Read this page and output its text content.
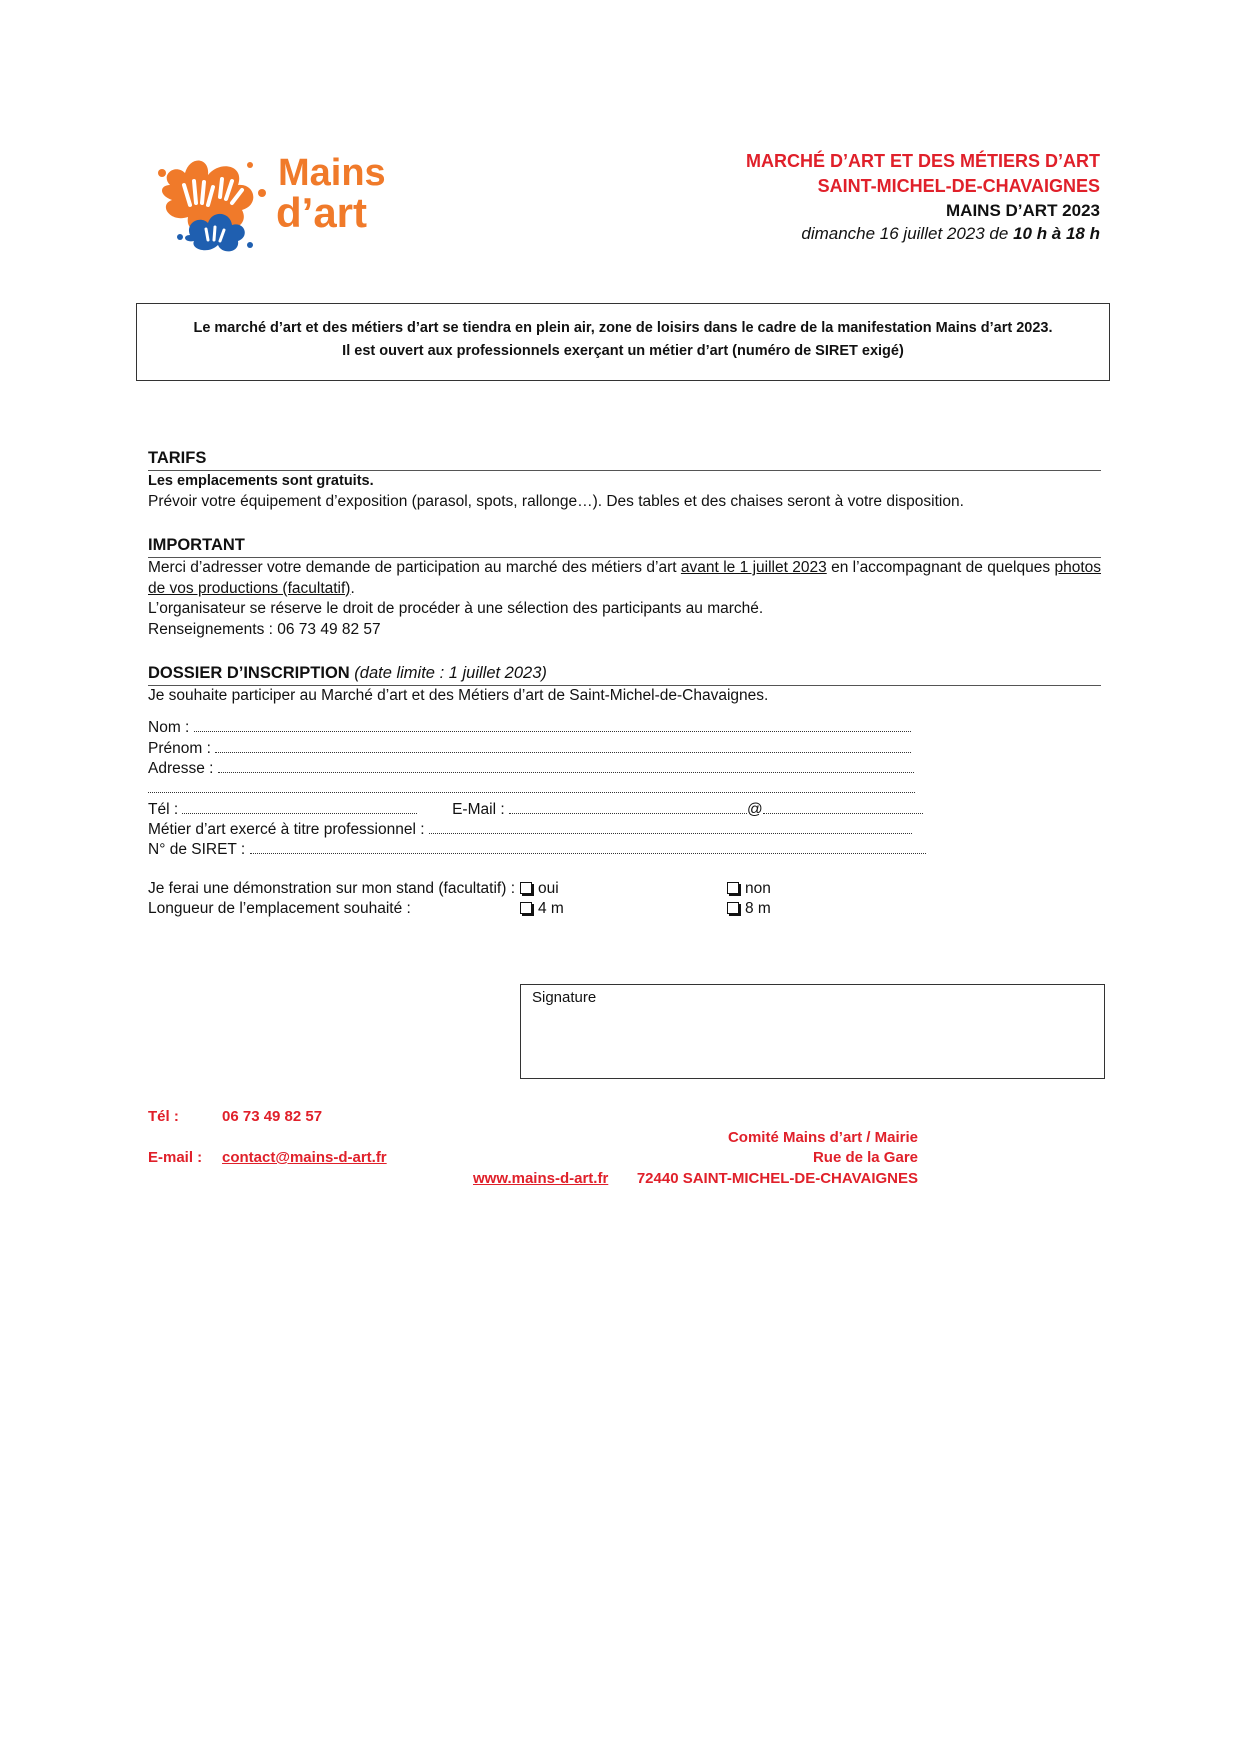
Mains
d’art
MARCHÉ D’ART ET DES MÉTIERS D’ART
SAINT-MICHEL-DE-CHAVAIGNES
MAINS D’ART 2023
dimanche 16 juillet 2023 de 10 h à 18 h
Le marché d’art et des métiers d’art se tiendra en plein air, zone de loisirs dans le cadre de la manifestation Mains d’art 2023.
Il est ouvert aux professionnels exerçant un métier d’art (numéro de SIRET exigé)
TARIFS

Les emplacements sont gratuits.

Prévoir votre équipement d’exposition (parasol, spots, rallonge…). Des tables et des chaises seront à votre disposition.

IMPORTANT

Merci d’adresser votre demande de participation au marché des métiers d’art avant le 1 juillet 2023 en l’accompagnant de quelques photos

de vos productions (facultatif).

L’organisateur se réserve le droit de procéder à une sélection des participants au marché.

Renseignements : 06 73 49 82 57

DOSSIER D’INSCRIPTION (date limite : 1 juillet 2023)

Je souhaite participer au Marché d’art et des Métiers d’art de Saint-Michel-de-Chavaignes.

Nom :
Prénom :
Adresse :
Tél :	E-Mail :	@
Métier d’art exercé à titre professionnel :
N° de SIRET :
Je ferai une démonstration sur mon stand (facultatif) :	oui	non
Longueur de l’emplacement souhaité :	4 m	8 m
Signature
Tél :	06 73 49 82 57
E-mail : contact@mains-d-art.fr
www.mains-d-art.fr
Comité Mains d’art / Mairie
Rue de la Gare
72440 SAINT-MICHEL-DE-CHAVAIGNES
